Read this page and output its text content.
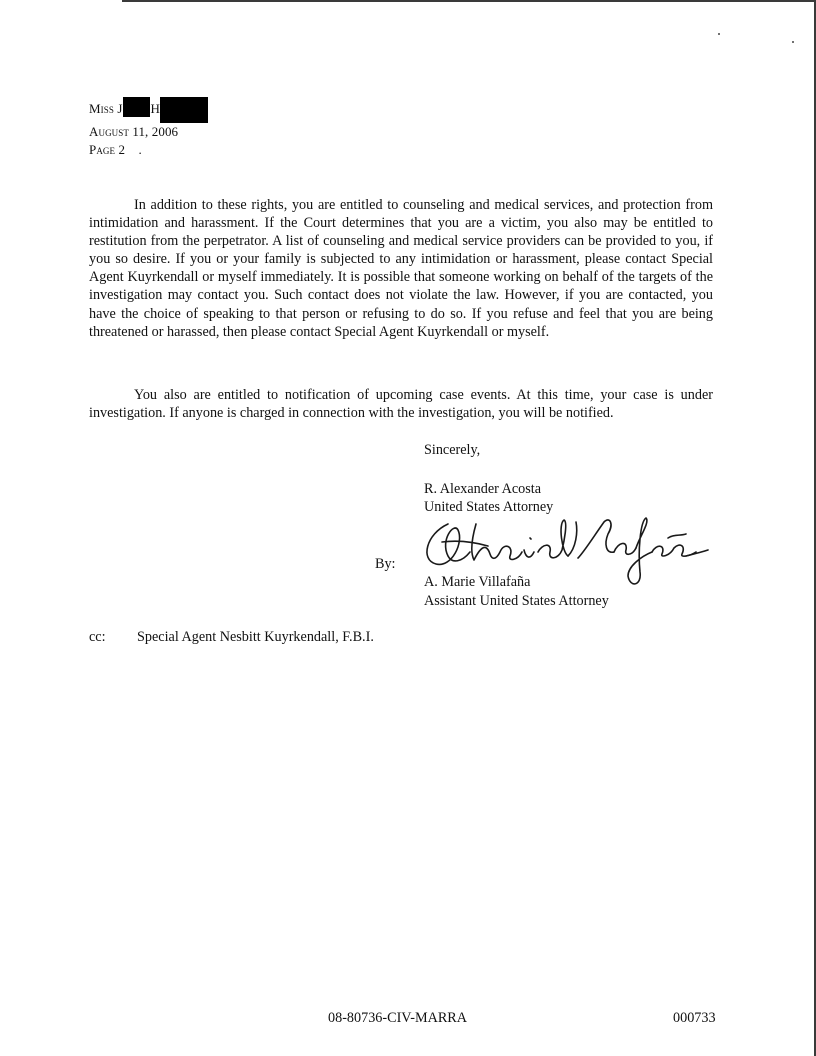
Miss J H
August 11, 2006
Page 2 .

In addition to these rights, you are entitled to counseling and medical services, and protection from intimidation and harassment. If the Court determines that you are a victim, you also may be entitled to restitution from the perpetrator. A list of counseling and medical service providers can be provided to you, if you so desire. If you or your family is subjected to any intimidation or harassment, please contact Special Agent Kuyrkendall or myself immediately. It is possible that someone working on behalf of the targets of the investigation may contact you. Such contact does not violate the law. However, if you are contacted, you have the choice of speaking to that person or refusing to do so. If you refuse and feel that you are being threatened or harassed, then please contact Special Agent Kuyrkendall or myself.

You also are entitled to notification of upcoming case events. At this time, your case is under investigation. If anyone is charged in connection with the investigation, you will be notified.

Sincerely,
R. Alexander Acosta
United States Attorney
By:
A. Marie Villafaña
Assistant United States Attorney
cc: Special Agent Nesbitt Kuyrkendall, F.B.I.
08-80736-CIV-MARRA	000733
